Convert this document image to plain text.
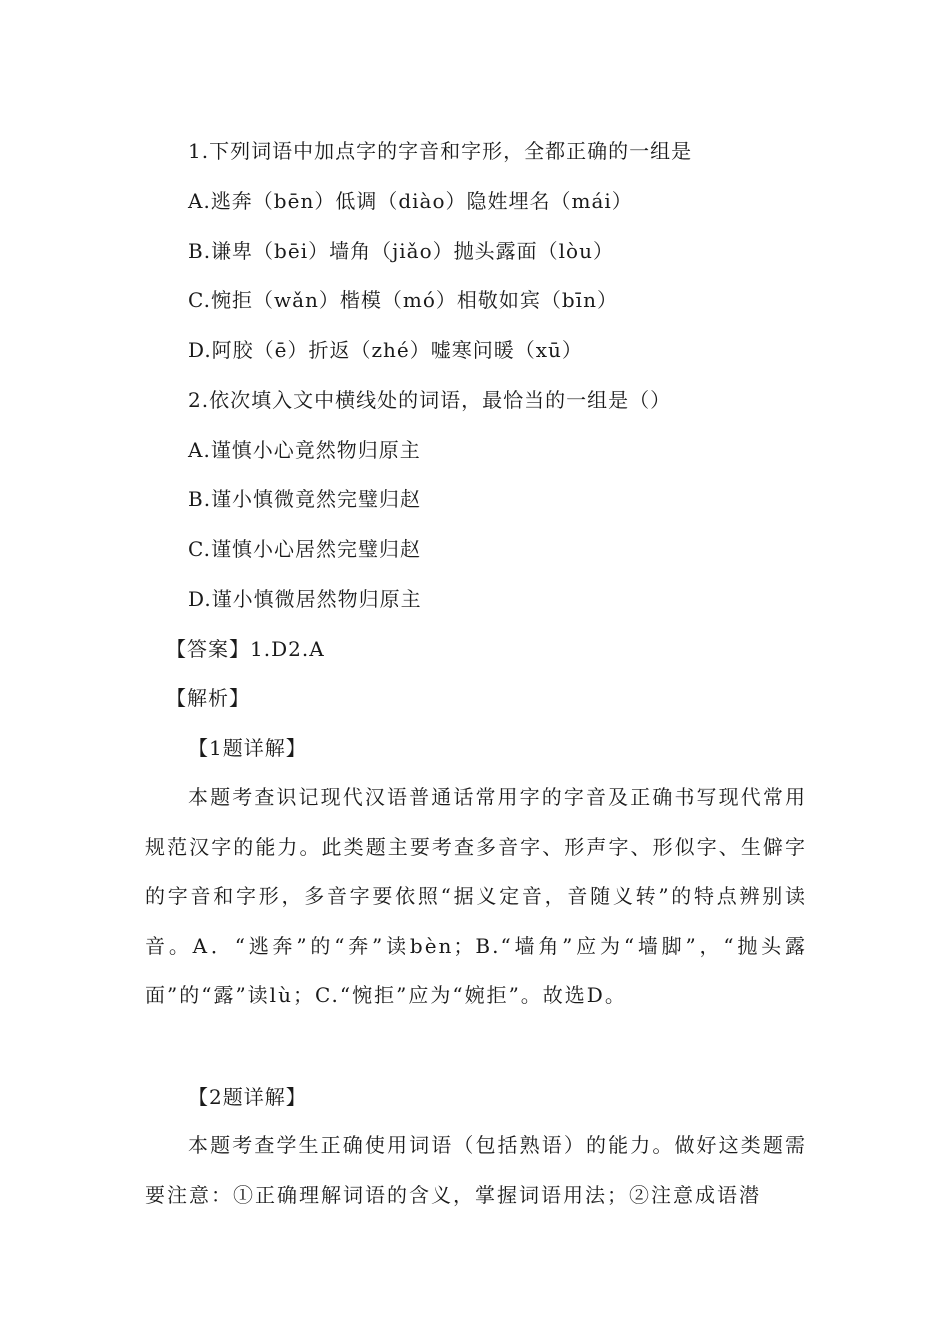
1.下列词语中加点字的字音和字形，全都正确的一组是
A.逃奔（bēn）低调（diào）隐姓埋名（mái）
B.谦卑（bēi）墙角（jiǎo）抛头露面（lòu）
C.惋拒（wǎn）楷模（mó）相敬如宾（bīn）
D.阿胶（ē）折返（zhé）嘘寒问暖（xū）
2.依次填入文中横线处的词语，最恰当的一组是（）
A.谨慎小心竟然物归原主
B.谨小慎微竟然完璧归赵
C.谨慎小心居然完璧归赵
D.谨小慎微居然物归原主
【答案】1.D2.A
【解析】
【1题详解】
本题考查识记现代汉语普通话常用字的字音及正确书写现代常用规范汉字的能力。此类题主要考查多音字、形声字、形似字、生僻字的字音和字形，多音字要依照“据义定音，音随义转”的特点辨别读音。A．“逃奔”的“奔”读bèn；B.“墙角”应为“墙脚”，“抛头露面”的“露”读lù；C.“惋拒”应为“婉拒”。故选D。
【2题详解】
本题考查学生正确使用词语（包括熟语）的能力。做好这类题需要注意：①正确理解词语的含义，掌握词语用法；②注意成语潜
